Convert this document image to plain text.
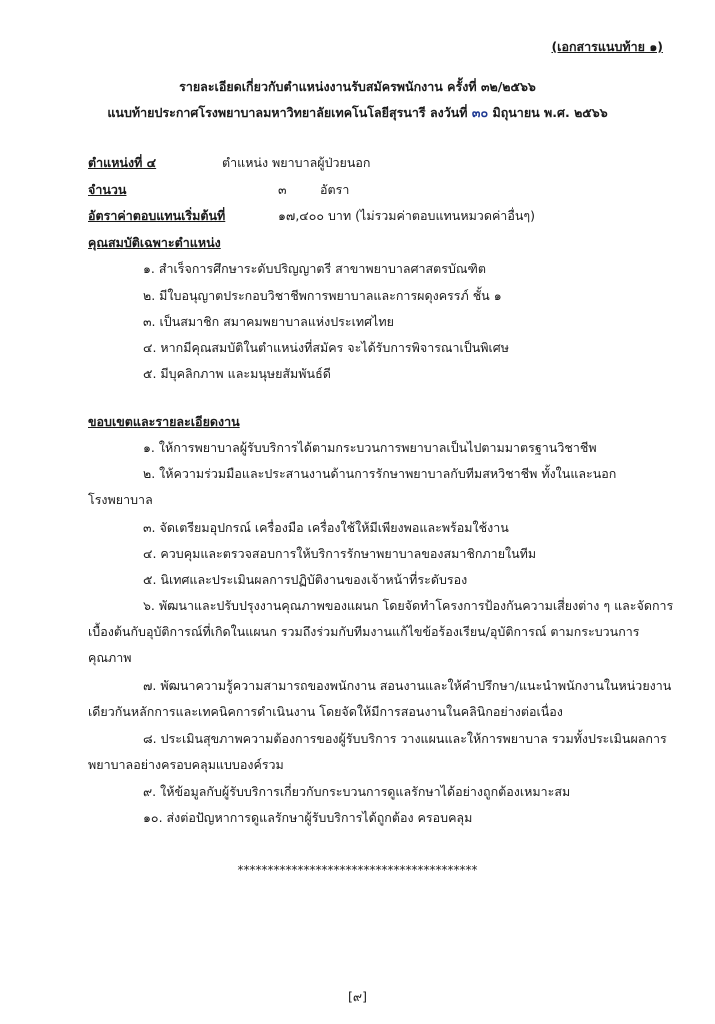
(เอกสารแนบท้าย ๑)
รายละเอียดเกี่ยวกับตำแหน่งงานรับสมัครพนักงาน ครั้งที่ ๓๒/๒๕๖๖
แนบท้ายประกาศโรงพยาบาลมหาวิทยาลัยเทคโนโลยีสุรนารี ลงวันที่ ๓๐ มิถุนายน พ.ศ. ๒๕๖๖
ตำแหน่งที่ ๔	ตำแหน่ง พยาบาลผู้ป่วยนอก
จำนวน	๓	อัตรา
อัตราค่าตอบแทนเริ่มต้นที่	๑๗,๔๐๐ บาท (ไม่รวมค่าตอบแทนหมวดค่าอื่นๆ)
คุณสมบัติเฉพาะตำแหน่ง
๑. สำเร็จการศึกษาระดับปริญญาตรี สาขาพยาบาลศาสตรบัณฑิต
๒. มีใบอนุญาตประกอบวิชาชีพการพยาบาลและการผดุงครรภ์ ชั้น ๑
๓. เป็นสมาชิก สมาคมพยาบาลแห่งประเทศไทย
๔. หากมีคุณสมบัติในตำแหน่งที่สมัคร จะได้รับการพิจารณาเป็นพิเศษ
๕. มีบุคลิกภาพ และมนุษยสัมพันธ์ดี
ขอบเขตและรายละเอียดงาน
๑. ให้การพยาบาลผู้รับบริการได้ตามกระบวนการพยาบาลเป็นไปตามมาตรฐานวิชาชีพ
๒. ให้ความร่วมมือและประสานงานด้านการรักษาพยาบาลกับทีมสหวิชาชีพ ทั้งในและนอก
โรงพยาบาล
๓. จัดเตรียมอุปกรณ์ เครื่องมือ เครื่องใช้ให้มีเพียงพอและพร้อมใช้งาน
๔. ควบคุมและตรวจสอบการให้บริการรักษาพยาบาลของสมาชิกภายในทีม
๕. นิเทศและประเมินผลการปฏิบัติงานของเจ้าหน้าที่ระดับรอง
๖. พัฒนาและปรับปรุงงานคุณภาพของแผนก โดยจัดทำโครงการป้องกันความเสี่ยงต่าง ๆ และจัดการ
เบื้องต้นกับอุบัติการณ์ที่เกิดในแผนก รวมถึงร่วมกับทีมงานแก้ไขข้อร้องเรียน/อุบัติการณ์ ตามกระบวนการ
คุณภาพ
๗. พัฒนาความรู้ความสามารถของพนักงาน สอนงานและให้คำปรึกษา/แนะนำพนักงานในหน่วยงาน
เดียวกันหลักการและเทคนิคการดำเนินงาน โดยจัดให้มีการสอนงานในคลินิกอย่างต่อเนื่อง
๘. ประเมินสุขภาพความต้องการของผู้รับบริการ วางแผนและให้การพยาบาล รวมทั้งประเมินผลการ
พยาบาลอย่างครอบคลุมแบบองค์รวม
๙. ให้ข้อมูลกับผู้รับบริการเกี่ยวกับกระบวนการดูแลรักษาได้อย่างถูกต้องเหมาะสม
๑๐. ส่งต่อปัญหาการดูแลรักษาผู้รับบริการได้ถูกต้อง ครอบคลุม
****************************************
[๙]
